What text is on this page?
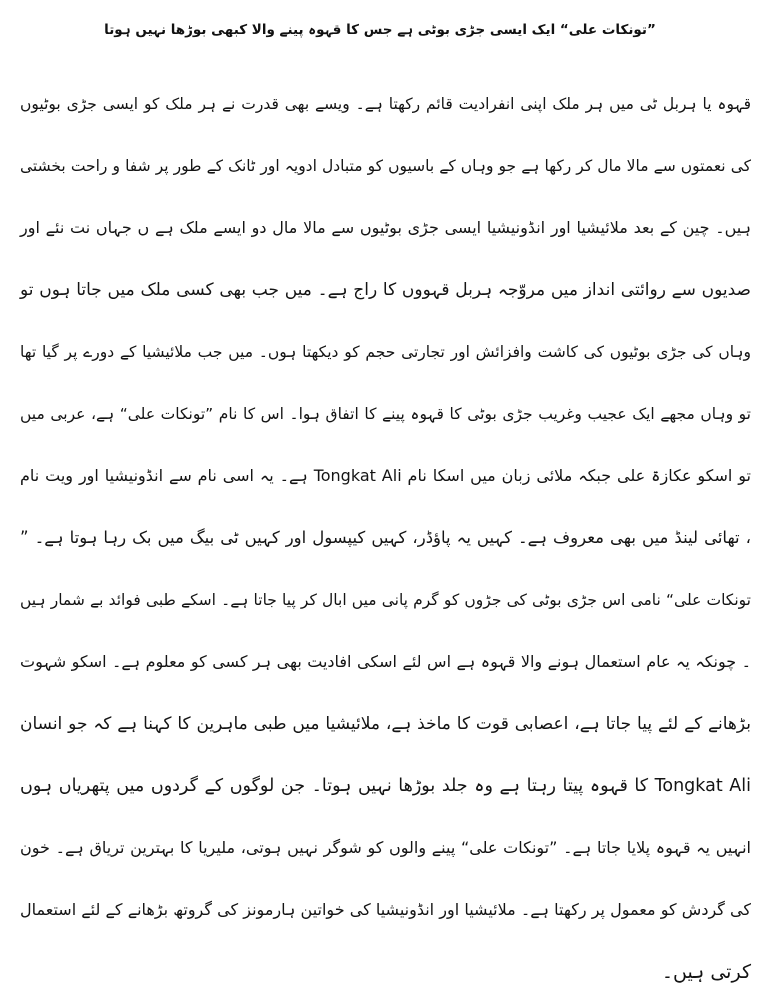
”تونکات علی“ ایک ایسی جڑی بوٹی ہے جس کا قہوہ پینے والا کبھی بوڑھا نہیں ہوتا
قہوہ یا ہربل ٹی میں ہر ملک اپنی انفرادیت قائم رکھتا ہے۔ ویسے بھی قدرت نے ہر ملک کو ایسی جڑی بوٹیوں
کی نعمتوں سے مالا مال کر رکھا ہے جو وہاں کے باسیوں کو متبادل ادویہ اور ٹانک کے طور پر شفا و راحت بخشتی
ہیں۔ چین کے بعد ملائیشیا اور انڈونیشیا ایسی جڑی بوٹیوں سے مالا مال دو ایسے ملک ہے ں جہاں نت نئے اور
صدیوں سے روائتی انداز میں مروّجہ ہربل قہووں کا راج ہے۔ میں جب بھی کسی ملک میں جاتا ہوں تو
وہاں کی جڑی بوٹیوں کی کاشت وافزائش اور تجارتی حجم کو دیکھتا ہوں۔ میں جب ملائیشیا کے دورے پر گیا تھا
تو وہاں مجھے ایک عجیب وغریب جڑی بوٹی کا قہوہ پینے کا اتفاق ہوا۔ اس کا نام ”تونکات علی“ ہے، عربی میں
تو اسکو عکازۃ علی جبکہ ملائی زبان میں اسکا نام Tongkat Ali ہے۔ یہ اسی نام سے انڈونیشیا اور ویت نام
، تھائی لینڈ میں بھی معروف ہے۔ کہیں یہ پاؤڈر، کہیں کیپسول اور کہیں ٹی بیگ میں بک رہا ہوتا ہے۔ ”
تونکات علی“ نامی اس جڑی بوٹی کی جڑوں کو گرم پانی میں ابال کر پیا جاتا ہے۔ اسکے طبی فوائد بے شمار ہیں
۔ چونکہ یہ عام استعمال ہونے والا قہوہ ہے اس لئے اسکی افادیت بھی ہر کسی کو معلوم ہے۔ اسکو شہوت
بڑھانے کے لئے پیا جاتا ہے، اعصابی قوت کا ماخذ ہے، ملائیشیا میں طبی ماہرین کا کہنا ہے کہ جو انسان
Tongkat Ali کا قہوہ پیتا رہتا ہے وہ جلد بوڑھا نہیں ہوتا۔ جن لوگوں کے گردوں میں پتھریاں ہوں
انہیں یہ قہوہ پلایا جاتا ہے۔ ”تونکات علی“ پینے والوں کو شوگر نہیں ہوتی، ملیریا کا بہترین تریاق ہے۔ خون
کی گردش کو معمول پر رکھتا ہے۔ ملائیشیا اور انڈونیشیا کی خواتین ہارمونز کی گروتھ بڑھانے کے لئے استعمال
کرتی ہیں۔
